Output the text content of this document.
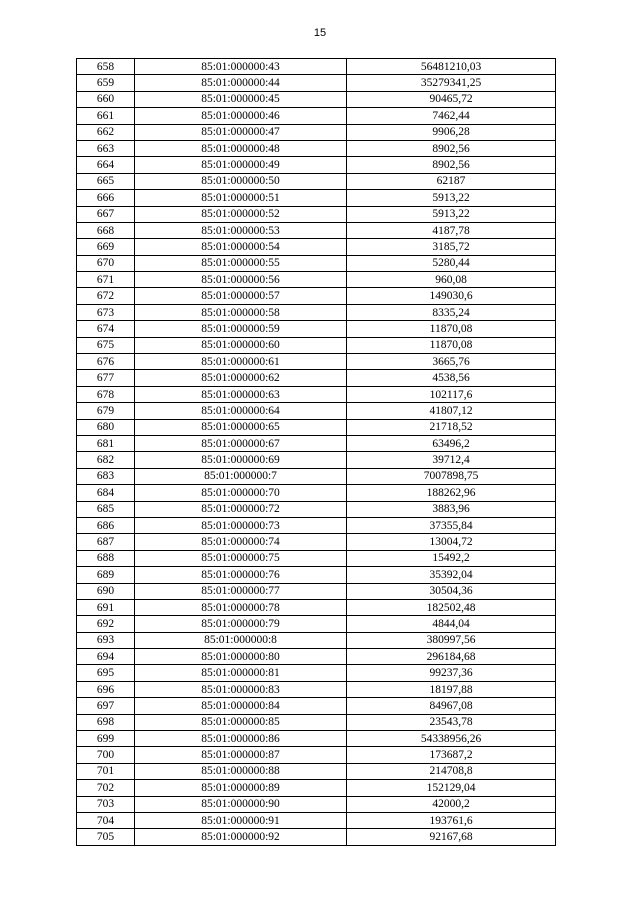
15
658	85:01:000000:43	56481210,03
659	85:01:000000:44	35279341,25
660	85:01:000000:45	90465,72
661	85:01:000000:46	7462,44
662	85:01:000000:47	9906,28
663	85:01:000000:48	8902,56
664	85:01:000000:49	8902,56
665	85:01:000000:50	62187
666	85:01:000000:51	5913,22
667	85:01:000000:52	5913,22
668	85:01:000000:53	4187,78
669	85:01:000000:54	3185,72
670	85:01:000000:55	5280,44
671	85:01:000000:56	960,08
672	85:01:000000:57	149030,6
673	85:01:000000:58	8335,24
674	85:01:000000:59	11870,08
675	85:01:000000:60	11870,08
676	85:01:000000:61	3665,76
677	85:01:000000:62	4538,56
678	85:01:000000:63	102117,6
679	85:01:000000:64	41807,12
680	85:01:000000:65	21718,52
681	85:01:000000:67	63496,2
682	85:01:000000:69	39712,4
683	85:01:000000:7	7007898,75
684	85:01:000000:70	188262,96
685	85:01:000000:72	3883,96
686	85:01:000000:73	37355,84
687	85:01:000000:74	13004,72
688	85:01:000000:75	15492,2
689	85:01:000000:76	35392,04
690	85:01:000000:77	30504,36
691	85:01:000000:78	182502,48
692	85:01:000000:79	4844,04
693	85:01:000000:8	380997,56
694	85:01:000000:80	296184,68
695	85:01:000000:81	99237,36
696	85:01:000000:83	18197,88
697	85:01:000000:84	84967,08
698	85:01:000000:85	23543,78
699	85:01:000000:86	54338956,26
700	85:01:000000:87	173687,2
701	85:01:000000:88	214708,8
702	85:01:000000:89	152129,04
703	85:01:000000:90	42000,2
704	85:01:000000:91	193761,6
705	85:01:000000:92	92167,68
